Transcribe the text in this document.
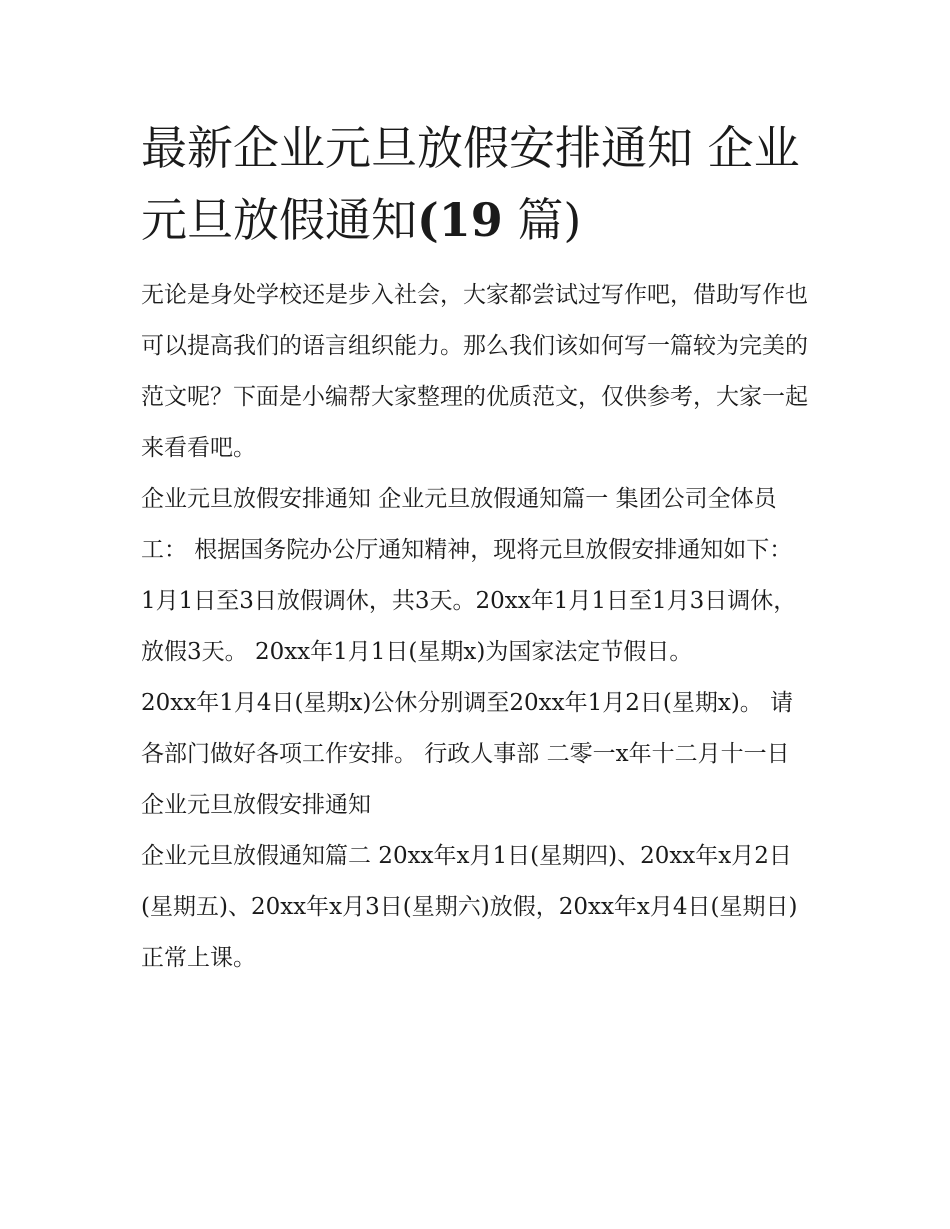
最新企业元旦放假安排通知 企业元旦放假通知(19 篇)

无论是身处学校还是步入社会，大家都尝试过写作吧，借助写作也可以提高我们的语言组织能力。那么我们该如何写一篇较为完美的范文呢？下面是小编帮大家整理的优质范文，仅供参考，大家一起来看看吧。

企业元旦放假安排通知 企业元旦放假通知篇一 集团公司全体员工： 根据国务院办公厅通知精神，现将元旦放假安排通知如下：

1月1日至3日放假调休，共3天。20xx年1月1日至1月3日调休，放假3天。 20xx年1月1日(星期x)为国家法定节假日。

20xx年1月4日(星期x)公休分别调至20xx年1月2日(星期x)。 请各部门做好各项工作安排。 行政人事部 二零一x年十二月十一日 企业元旦放假安排通知

企业元旦放假通知篇二 20xx年x月1日(星期四)、20xx年x月2日(星期五)、20xx年x月3日(星期六)放假，20xx年x月4日(星期日)正常上课。
